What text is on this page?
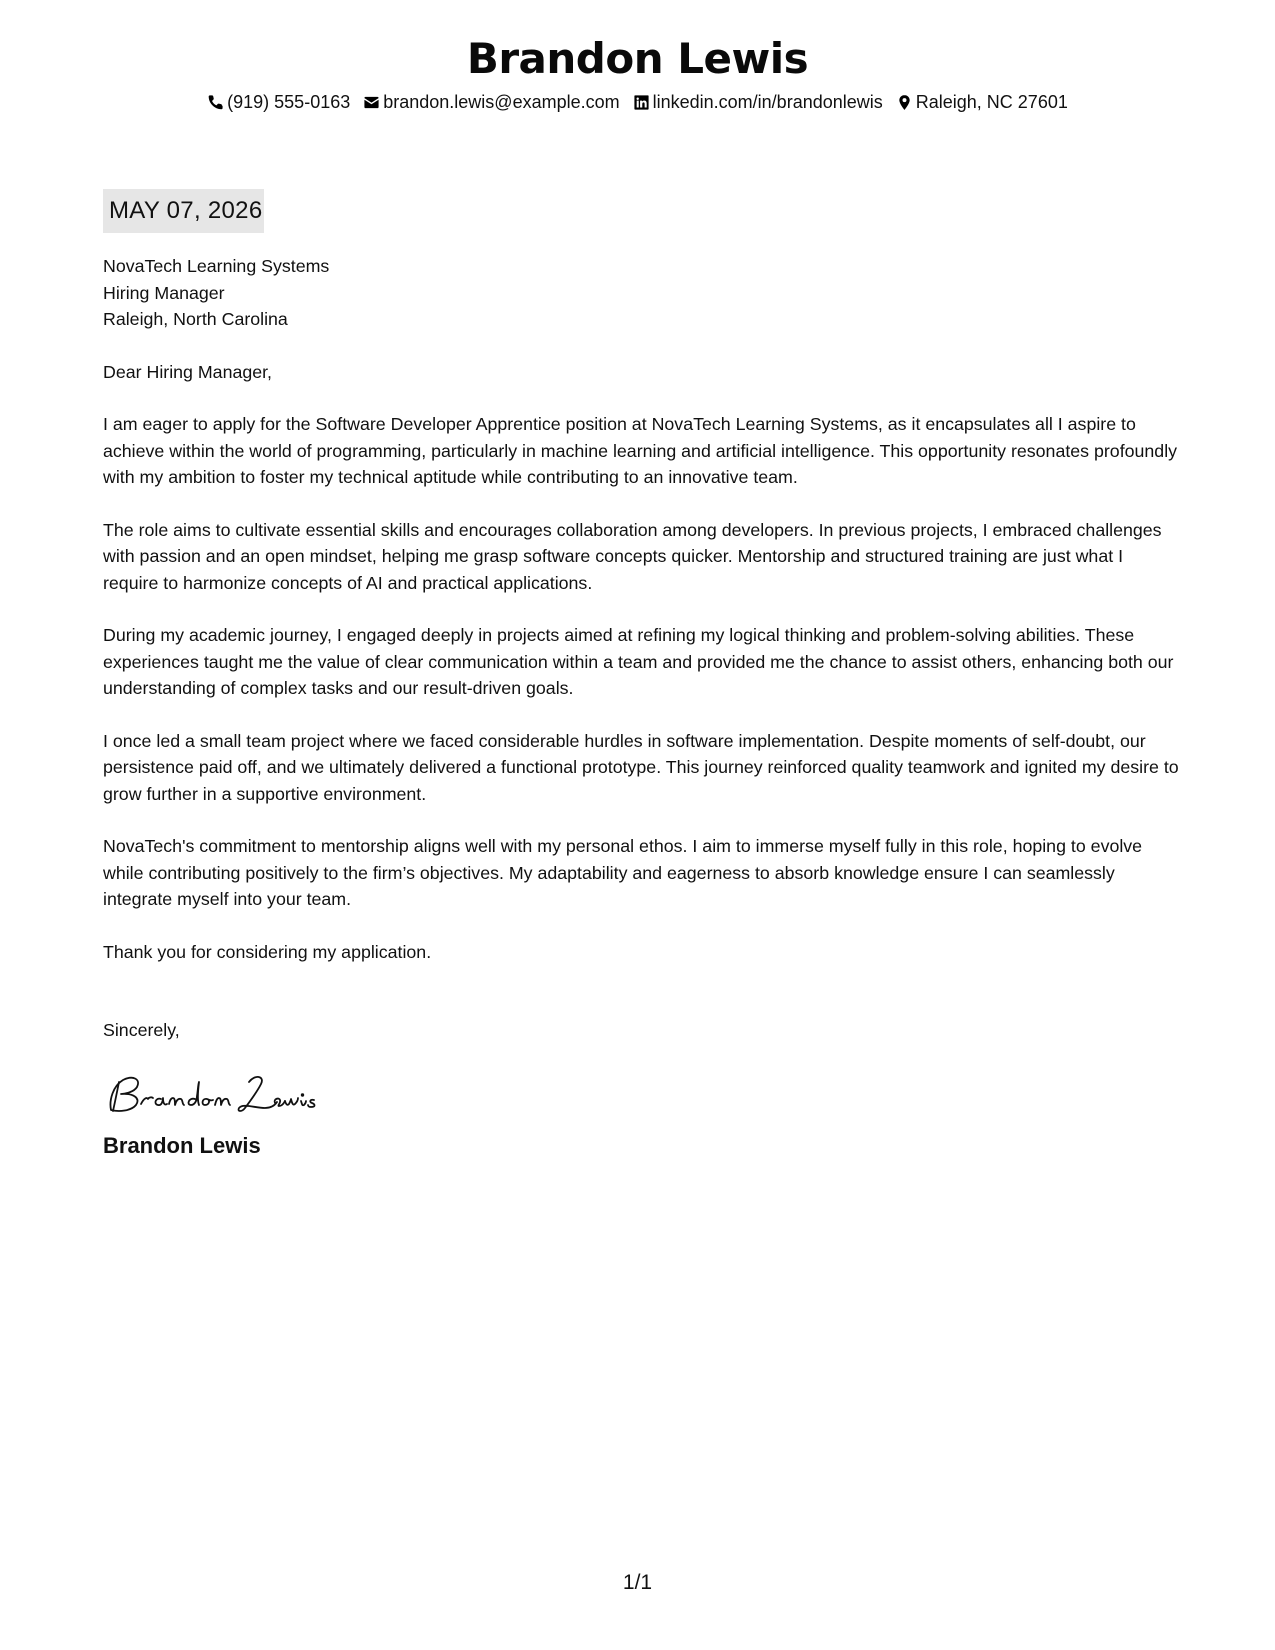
Brandon Lewis
(919) 555-0163 brandon.lewis@example.com linkedin.com/in/brandonlewis Raleigh, NC 27601
MAY 07, 2026

NovaTech Learning Systems

Hiring Manager

Raleigh, North Carolina

Dear Hiring Manager,

I am eager to apply for the Software Developer Apprentice position at NovaTech Learning Systems, as it encapsulates all I aspire to achieve within the world of programming, particularly in machine learning and artificial intelligence. This opportunity resonates profoundly with my ambition to foster my technical aptitude while contributing to an innovative team.

The role aims to cultivate essential skills and encourages collaboration among developers. In previous projects, I embraced challenges with passion and an open mindset, helping me grasp software concepts quicker. Mentorship and structured training are just what I require to harmonize concepts of AI and practical applications.

During my academic journey, I engaged deeply in projects aimed at refining my logical thinking and problem-solving abilities. These experiences taught me the value of clear communication within a team and provided me the chance to assist others, enhancing both our understanding of complex tasks and our result-driven goals.

I once led a small team project where we faced considerable hurdles in software implementation. Despite moments of self-doubt, our persistence paid off, and we ultimately delivered a functional prototype. This journey reinforced quality teamwork and ignited my desire to grow further in a supportive environment.

NovaTech's commitment to mentorship aligns well with my personal ethos. I aim to immerse myself fully in this role, hoping to evolve while contributing positively to the firm’s objectives. My adaptability and eagerness to absorb knowledge ensure I can seamlessly integrate myself into your team.

Thank you for considering my application.

Sincerely,

Brandon Lewis
1/1
